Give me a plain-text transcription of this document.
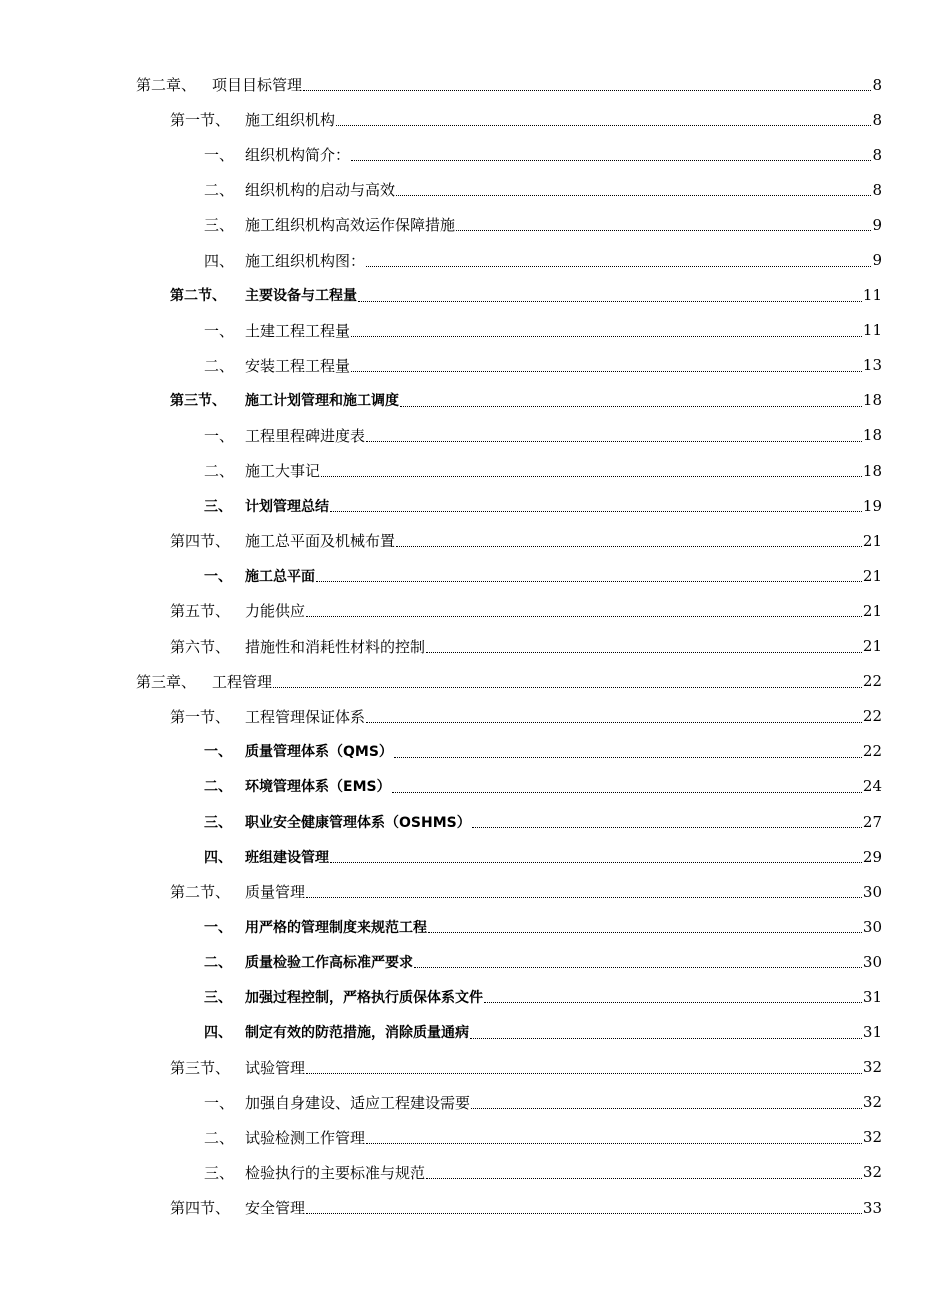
第二章、	项目目标管理	8
第一节、 施工组织机构	8
一、 组织机构简介：	8
二、 组织机构的启动与高效	8
三、 施工组织机构高效运作保障措施	9
四、 施工组织机构图：	9
第二节、	主要设备与工程量	11
一、 土建工程工程量	11
二、 安装工程工程量	13
第三节、	施工计划管理和施工调度	18
一、 工程里程碑进度表	18
二、 施工大事记	18
三、 计划管理总结	19
第四节、 施工总平面及机械布置	21
一、 施工总平面	21
第五节、 力能供应	21
第六节、 措施性和消耗性材料的控制	21
第三章、	工程管理	22
第一节、 工程管理保证体系	22
一、 质量管理体系（QMS）	22
二、 环境管理体系（EMS）	24
三、 职业安全健康管理体系（OSHMS）	27
四、 班组建设管理	29
第二节、 质量管理	30
一、 用严格的管理制度来规范工程	30
二、 质量检验工作高标准严要求	30
三、 加强过程控制，严格执行质保体系文件	31
四、 制定有效的防范措施，消除质量通病	31
第三节、 试验管理	32
一、 加强自身建设、适应工程建设需要	32
二、 试验检测工作管理	32
三、 检验执行的主要标准与规范	32
第四节、 安全管理	33
